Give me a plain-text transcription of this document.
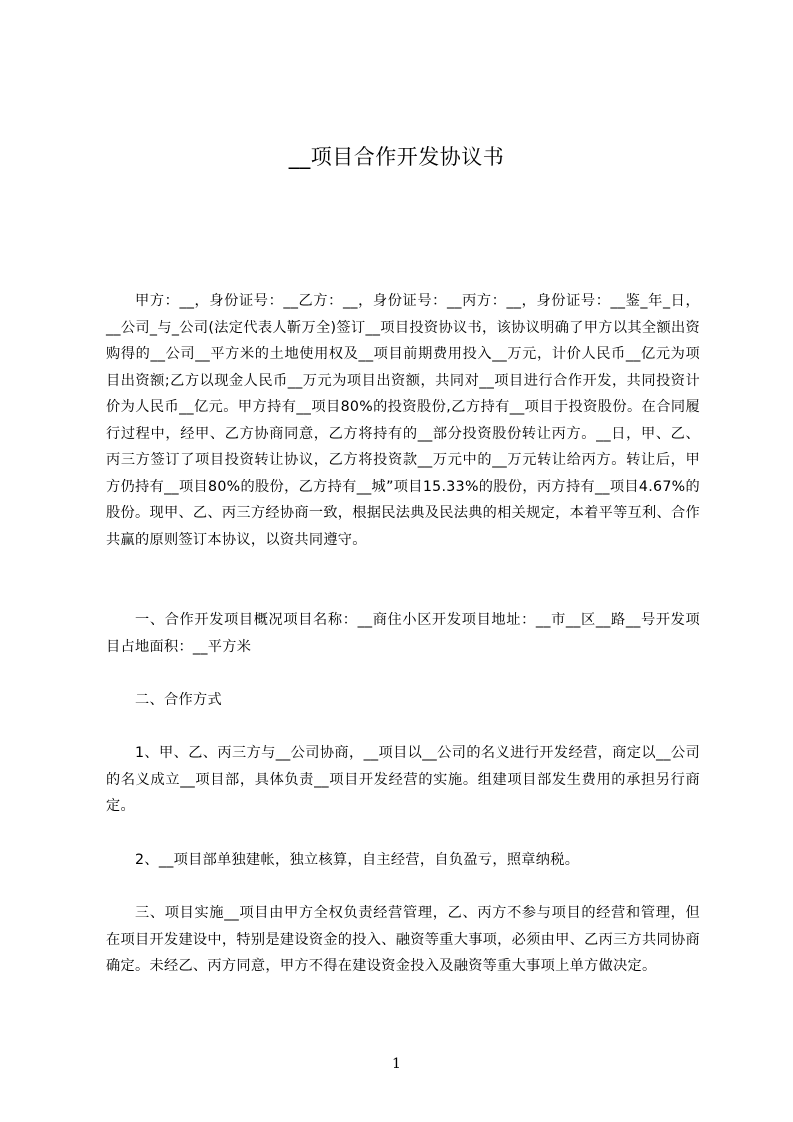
__项目合作开发协议书

甲方：__，身份证号：__乙方：__，身份证号：__丙方：__，身份证号：__鉴_年_日，__公司_与_公司(法定代表人靳万全)签订__项目投资协议书，该协议明确了甲方以其全额出资购得的__公司__平方米的土地使用权及__项目前期费用投入__万元，计价人民币__亿元为项目出资额;乙方以现金人民币__万元为项目出资额，共同对__项目进行合作开发，共同投资计价为人民币__亿元。甲方持有__项目80%的投资股份,乙方持有__项目于投资股份。在合同履行过程中，经甲、乙方协商同意，乙方将持有的__部分投资股份转让丙方。__日，甲、乙、丙三方签订了项目投资转让协议，乙方将投资款__万元中的__万元转让给丙方。转让后，甲方仍持有__项目80%的股份，乙方持有__城”项目15.33%的股份，丙方持有__项目4.67%的股份。现甲、乙、丙三方经协商一致，根据民法典及民法典的相关规定，本着平等互利、合作共赢的原则签订本协议，以资共同遵守。

一、合作开发项目概况项目名称：__商住小区开发项目地址：__市__区__路__号开发项目占地面积：__平方米

二、合作方式

1、甲、乙、丙三方与__公司协商，__项目以__公司的名义进行开发经营，商定以__公司的名义成立__项目部，具体负责__项目开发经营的实施。组建项目部发生费用的承担另行商定。

2、__项目部单独建帐，独立核算，自主经营，自负盈亏，照章纳税。

三、项目实施__项目由甲方全权负责经营管理，乙、丙方不参与项目的经营和管理，但在项目开发建设中，特别是建设资金的投入、融资等重大事项，必须由甲、乙丙三方共同协商确定。未经乙、丙方同意，甲方不得在建设资金投入及融资等重大事项上单方做决定。

1
